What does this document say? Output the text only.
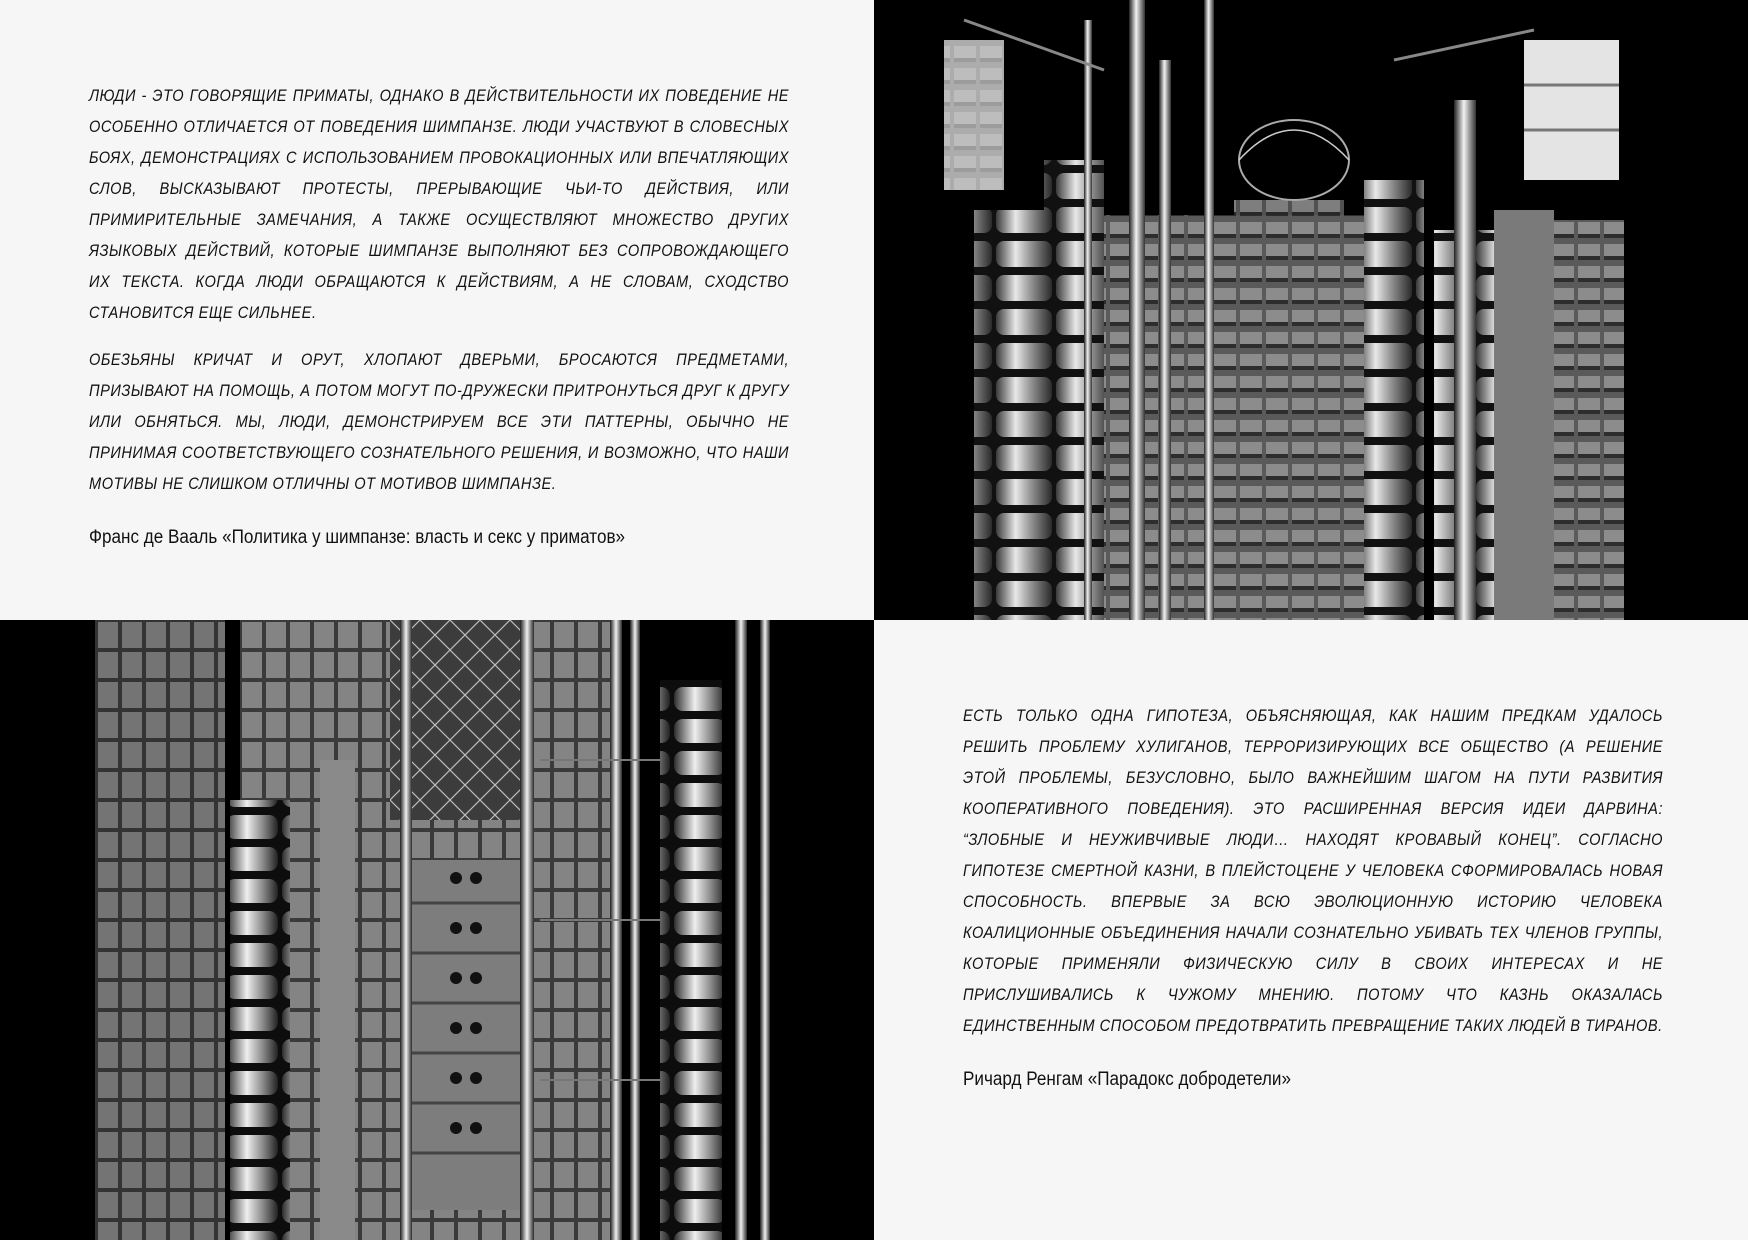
ЛЮДИ - ЭТО ГОВОРЯЩИЕ ПРИМАТЫ, ОДНАКО В ДЕЙСТВИТЕЛЬНОСТИ ИХ ПОВЕДЕНИЕ НЕ ОСОБЕННО ОТЛИЧАЕТСЯ ОТ ПОВЕДЕНИЯ ШИМПАНЗЕ. ЛЮДИ УЧАСТВУЮТ В СЛОВЕСНЫХ БОЯХ, ДЕМОНСТРАЦИЯХ С ИСПОЛЬЗОВАНИЕМ ПРОВОКАЦИОННЫХ ИЛИ ВПЕЧАТЛЯЮЩИХ СЛОВ, ВЫСКАЗЫВАЮТ ПРОТЕСТЫ, ПРЕРЫВАЮЩИЕ ЧЬИ-ТО ДЕЙСТВИЯ, ИЛИ ПРИМИРИТЕЛЬНЫЕ ЗАМЕЧАНИЯ, А ТАКЖЕ ОСУЩЕСТВЛЯЮТ МНОЖЕСТВО ДРУГИХ ЯЗЫКОВЫХ ДЕЙСТВИЙ, КОТОРЫЕ ШИМПАНЗЕ ВЫПОЛНЯЮТ БЕЗ СОПРОВОЖДАЮЩЕГО ИХ ТЕКСТА. КОГДА ЛЮДИ ОБРАЩАЮТСЯ К ДЕЙСТВИЯМ, А НЕ СЛОВАМ, СХОДСТВО СТАНОВИТСЯ ЕЩЕ СИЛЬНЕЕ.

ОБЕЗЬЯНЫ КРИЧАТ И ОРУТ, ХЛОПАЮТ ДВЕРЬМИ, БРОСАЮТСЯ ПРЕДМЕТАМИ, ПРИЗЫВАЮТ НА ПОМОЩЬ, А ПОТОМ МОГУТ ПО-ДРУЖЕСКИ ПРИТРОНУТЬСЯ ДРУГ К ДРУГУ ИЛИ ОБНЯТЬСЯ. МЫ, ЛЮДИ, ДЕМОНСТРИРУЕМ ВСЕ ЭТИ ПАТТЕРНЫ, ОБЫЧНО НЕ ПРИНИМАЯ СООТВЕТСТВУЮЩЕГО СОЗНАТЕЛЬНОГО РЕШЕНИЯ, И ВОЗМОЖНО, ЧТО НАШИ МОТИВЫ НЕ СЛИШКОМ ОТЛИЧНЫ ОТ МОТИВОВ ШИМПАНЗЕ.

Франс де Вааль «Политика у шимпанзе: власть и секс у приматов»

ЕСТЬ ТОЛЬКО ОДНА ГИПОТЕЗА, ОБЪЯСНЯЮЩАЯ, КАК НАШИМ ПРЕДКАМ УДАЛОСЬ РЕШИТЬ ПРОБЛЕМУ ХУЛИГАНОВ, ТЕРРОРИЗИРУЮЩИХ ВСЕ ОБЩЕСТВО (А РЕШЕНИЕ ЭТОЙ ПРОБЛЕМЫ, БЕЗУСЛОВНО, БЫЛО ВАЖНЕЙШИМ ШАГОМ НА ПУТИ РАЗВИТИЯ КООПЕРАТИВНОГО ПОВЕДЕНИЯ). ЭТО РАСШИРЕННАЯ ВЕРСИЯ ИДЕИ ДАРВИНА: “ЗЛОБНЫЕ И НЕУЖИВЧИВЫЕ ЛЮДИ… НАХОДЯТ КРОВАВЫЙ КОНЕЦ”. СОГЛАСНО ГИПОТЕЗЕ СМЕРТНОЙ КАЗНИ, В ПЛЕЙСТОЦЕНЕ У ЧЕЛОВЕКА СФОРМИРОВАЛАСЬ НОВАЯ СПОСОБНОСТЬ. ВПЕРВЫЕ ЗА ВСЮ ЭВОЛЮЦИОННУЮ ИСТОРИЮ ЧЕЛОВЕКА КОАЛИЦИОННЫЕ ОБЪЕДИНЕНИЯ НАЧАЛИ СОЗНАТЕЛЬНО УБИВАТЬ ТЕХ ЧЛЕНОВ ГРУППЫ, КОТОРЫЕ ПРИМЕНЯЛИ ФИЗИЧЕСКУЮ СИЛУ В СВОИХ ИНТЕРЕСАХ И НЕ ПРИСЛУШИВАЛИСЬ К ЧУЖОМУ МНЕНИЮ. ПОТОМУ ЧТО КАЗНЬ ОКАЗАЛАСЬ ЕДИНСТВЕННЫМ СПОСОБОМ ПРЕДОТВРАТИТЬ ПРЕВРАЩЕНИЕ ТАКИХ ЛЮДЕЙ В ТИРАНОВ.

Ричард Ренгам «Парадокс добродетели»
